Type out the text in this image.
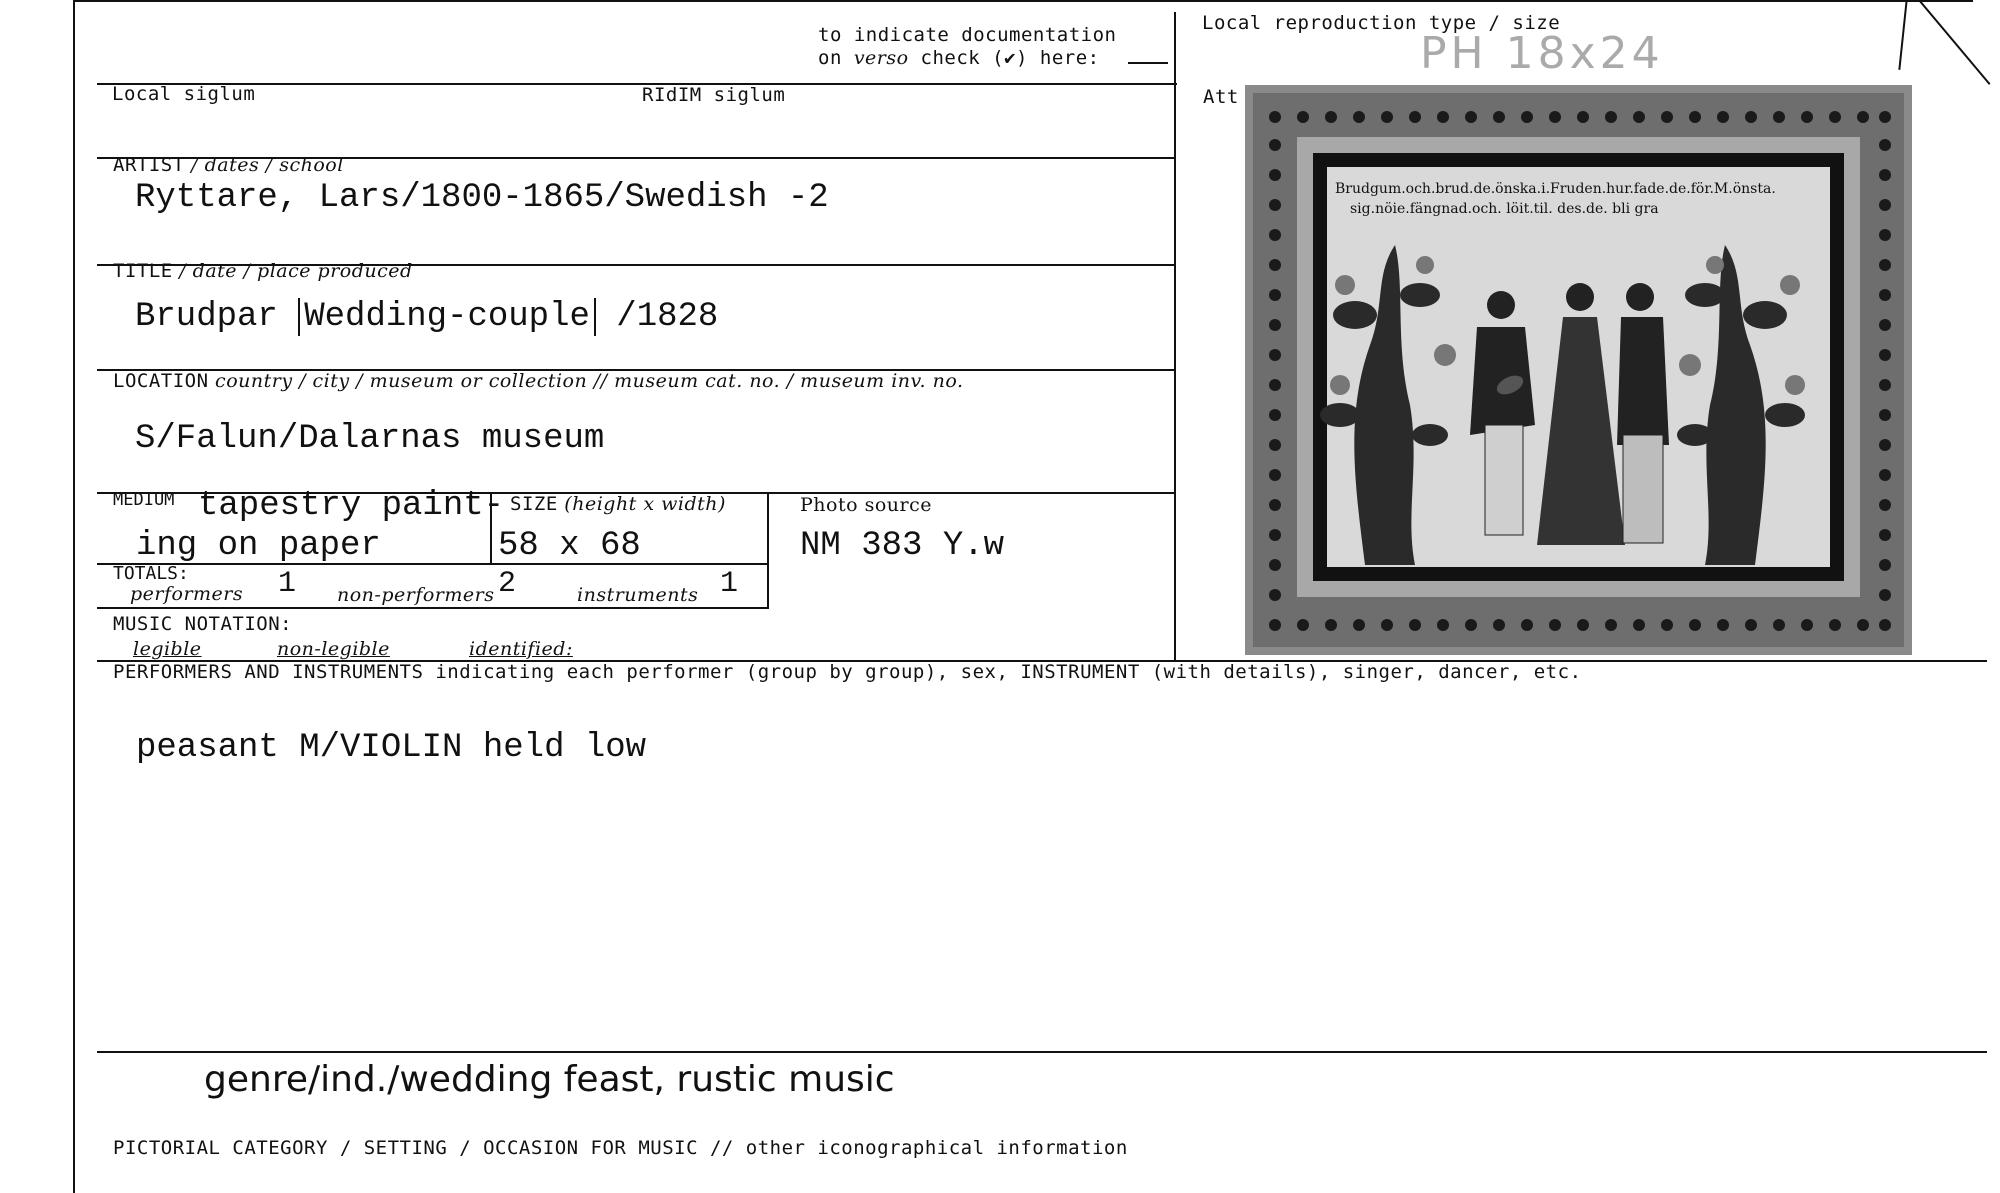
to indicate documentation
on verso check (✔) here:
Local reproduction type / size
PH 18x24
Local siglum	RIdIM siglum	Att
ARTIST / dates / school
Ryttare, Lars/1800-1865/Swedish -2
TITLE / date / place produced
Brudpar Wedding-couple /1828
LOCATION country / city / museum or collection // museum cat. no. / museum inv. no.
S/Falun/Dalarnas museum
MEDIUM tapestry paint-
ing on paper
SIZE (height x width)
58 x 68
Photo source
NM 383 Y.w
TOTALS:
performers 1 non-performers 2	instruments 1
MUSIC NOTATION:
legible	non-legible	identified:
PERFORMERS AND INSTRUMENTS indicating each performer (group by group), sex, INSTRUMENT (with details), singer, dancer, etc.
peasant M/VIOLIN held low
genre/ind./wedding feast, rustic music
PICTORIAL CATEGORY / SETTING / OCCASION FOR MUSIC // other iconographical information
Brudgum.och.brud.de.önska.i.Fruden.hur.fade.de.för.M.önsta.
sig.nöie.fängnad.och. löit.til. des.de. bli gra
